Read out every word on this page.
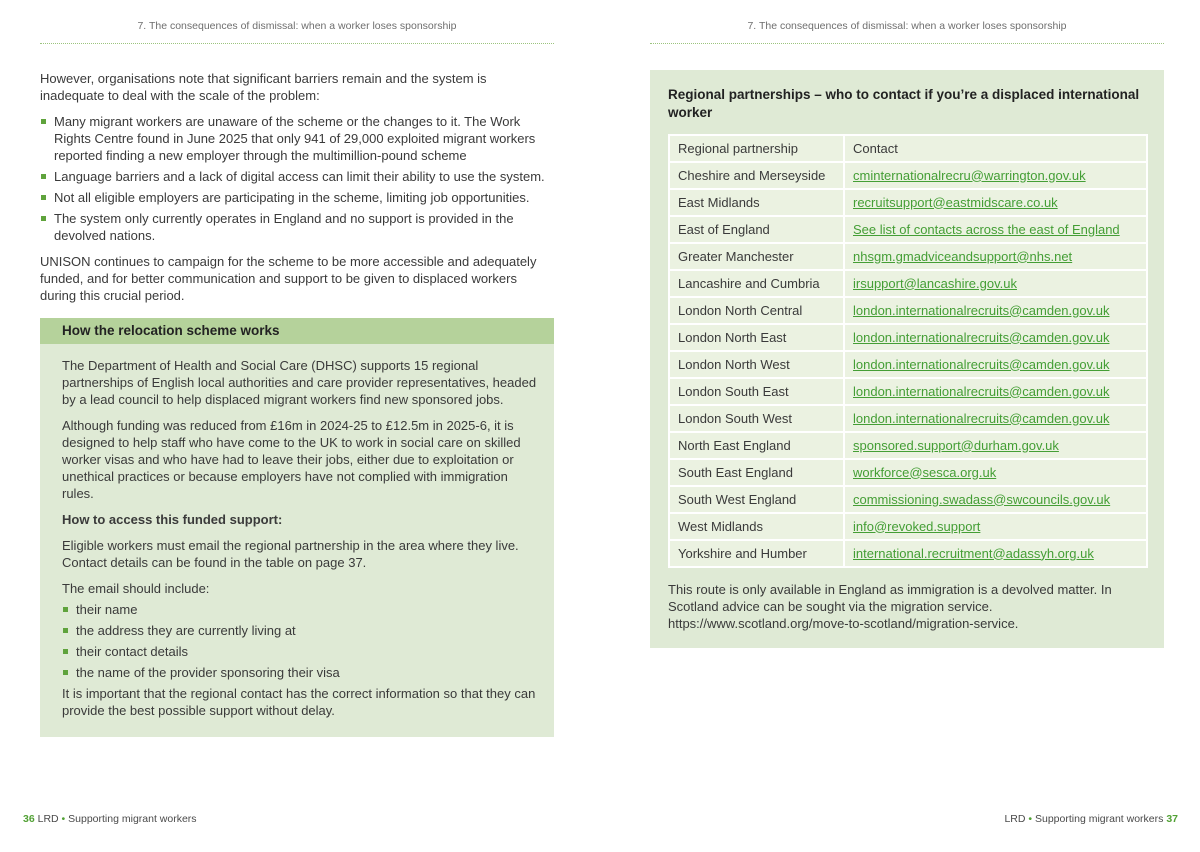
7. The consequences of dismissal: when a worker loses sponsorship

However, organisations note that significant barriers remain and the system is inadequate to deal with the scale of the problem:

Many migrant workers are unaware of the scheme or the changes to it. The Work Rights Centre found in June 2025 that only 941 of 29,000 exploited migrant workers reported finding a new employer through the multimillion-pound scheme
Language barriers and a lack of digital access can limit their ability to use the system.
Not all eligible employers are participating in the scheme, limiting job opportunities.
The system only currently operates in England and no support is provided in the devolved nations.

UNISON continues to campaign for the scheme to be more accessible and adequately funded, and for better communication and support to be given to displaced workers during this crucial period.

How the relocation scheme works

The Department of Health and Social Care (DHSC) supports 15 regional partnerships of English local authorities and care provider representatives, headed by a lead council to help displaced migrant workers find new sponsored jobs.

Although funding was reduced from £16m in 2024-25 to £12.5m in 2025-6, it is designed to help staff who have come to the UK to work in social care on skilled worker visas and who have had to leave their jobs, either due to exploitation or unethical practices or because employers have not complied with immigration rules.

How to access this funded support:

Eligible workers must email the regional partnership in the area where they live. Contact details can be found in the table on page 37.

The email should include:

their name
the address they are currently living at
their contact details
the name of the provider sponsoring their visa

It is important that the regional contact has the correct information so that they can provide the best possible support without delay.

7. The consequences of dismissal: when a worker loses sponsorship
Regional partnerships – who to contact if you’re a displaced international worker
Regional partnership	Contact
Cheshire and Merseyside	cminternationalrecru@warrington.gov.uk
East Midlands	recruitsupport@eastmidscare.co.uk
East of England	See list of contacts across the east of England
Greater Manchester	nhsgm.gmadviceandsupport@nhs.net
Lancashire and Cumbria	irsupport@lancashire.gov.uk
London North Central	london.internationalrecruits@camden.gov.uk
London North East	london.internationalrecruits@camden.gov.uk
London North West	london.internationalrecruits@camden.gov.uk
London South East	london.internationalrecruits@camden.gov.uk
London South West	london.internationalrecruits@camden.gov.uk
North East England	sponsored.support@durham.gov.uk
South East England	workforce@sesca.org.uk
South West England	commissioning.swadass@swcouncils.gov.uk
West Midlands	info@revoked.support
Yorkshire and Humber	international.recruitment@adassyh.org.uk

This route is only available in England as immigration is a devolved matter. In Scotland advice can be sought via the migration service. https://www.scotland.org/move-to-scotland/migration-service.

36 LRD • Supporting migrant workers	LRD • Supporting migrant workers 37
